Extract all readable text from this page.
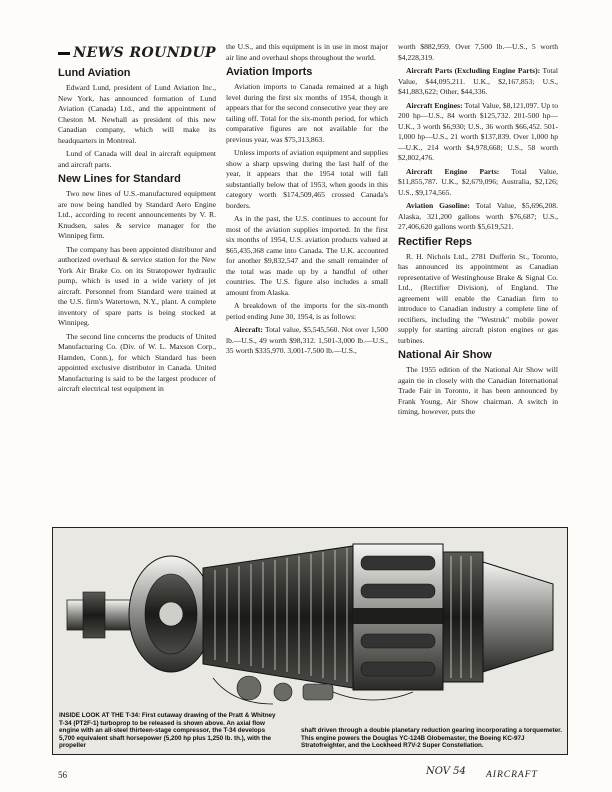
NEWS ROUNDUP
Lund Aviation

Edward Lund, president of Lund Aviation Inc., New York, has announced formation of Lund Aviation (Canada) Ltd., and the appointment of Cheston M. Newhall as president of this new Canadian company, which will make its headquarters in Montreal.

Lund of Canada will deal in aircraft equipment and aircraft parts.

New Lines for Standard

Two new lines of U.S.-manufactured equipment are now being handled by Standard Aero Engine Ltd., according to recent announcements by V. R. Knudsen, sales & service manager for the Winnipeg firm.

The company has been appointed distributor and authorized overhaul & service station for the New York Air Brake Co. on its Stratopower hydraulic pump, which is used in a wide variety of jet aircraft. Personnel from Standard were trained at the U.S. firm's Watertown, N.Y., plant. A complete inventory of spare parts is being stocked at Winnipeg.

The second line concerns the products of United Manufacturing Co. (Div. of W. L. Maxson Corp., Hamden, Conn.), for which Standard has been appointed exclusive distributor in Canada. United Manufacturing is said to be the largest producer of aircraft electrical test equipment in

the U.S., and this equipment is in use in most major air line and overhaul shops throughout the world.

Aviation Imports

Aviation imports to Canada remained at a high level during the first six months of 1954, though it appears that for the second consecutive year they are tailing off. Total for the six-month period, for which comparative figures are not available for the previous year, was $75,313,863.

Unless imports of aviation equipment and supplies show a sharp upswing during the last half of the year, it appears that the 1954 total will fall substantially below that of 1953, when goods in this category worth $174,509,465 crossed Canada's borders.

As in the past, the U.S. continues to account for most of the aviation supplies imported. In the first six months of 1954, U.S. aviation products valued at $65,435,368 came into Canada. The U.K. accounted for another $9,832,547 and the small remainder of the total was made up by a handful of other countries. The U.S. figure also includes a small amount from Alaska.

A breakdown of the imports for the six-month period ending June 30, 1954, is as follows:

Aircraft: Total value, $5,545,560. Not over 1,500 lb.—U.S., 49 worth $98,312. 1,501-3,000 lb.—U.S., 35 worth $335,970. 3,001-7,500 lb.—U.S.,

worth $882,959. Over 7,500 lb.—U.S., 5 worth $4,228,319.

Aircraft Parts (Excluding Engine Parts): Total Value, $44,095,211. U.K., $2,167,853; U.S., $41,883,622; Other, $44,336.

Aircraft Engines: Total Value, $8,121,097. Up to 200 hp—U.S., 84 worth $125,732. 201-500 hp—U.K., 3 worth $6,930; U.S., 36 worth $66,452. 501-1,000 hp—U.S., 21 worth $137,839. Over 1,000 hp—U.K., 214 worth $4,978,668; U.S., 58 worth $2,802,476.

Aircraft Engine Parts: Total Value, $11,855,787. U.K., $2,679,096; Australia, $2,126; U.S., $9,174,565.

Aviation Gasoline: Total Value, $5,696,208. Alaska, 321,200 gallons worth $76,687; U.S., 27,406,620 gallons worth $5,619,521.

Rectifier Reps

R. H. Nichols Ltd., 2781 Dufferin St., Toronto, has announced its appointment as Canadian representative of Westinghouse Brake & Signal Co. Ltd., (Rectifier Division), of England. The agreement will enable the Canadian firm to introduce to Canadian industry a complete line of rectifiers, including the "Westruk" mobile power supply for starting aircraft piston engines or gas turbines.

National Air Show

The 1955 edition of the National Air Show will again tie in closely with the Canadian International Trade Fair in Toronto, it has been announced by Frank Young, Air Show chairman. A switch in timing, however, puts the

INSIDE LOOK AT THE T-34: First cutaway drawing of the Pratt & Whitney T-34 (PT2F-1) turboprop to be released is shown above. An axial flow engine with an all-steel thirteen-stage compressor, the T-34 develops 5,700 equivalent shaft horsepower (5,200 hp plus 1,250 lb. th.), with the propeller
shaft driven through a double planetary reduction gearing incorporating a torquemeter. This engine powers the Douglas YC-124B Globemaster, the Boeing KC-97J Stratofreighter, and the Lockheed R7V-2 Super Constellation.
56	NOV 54 AIRCRAFT
